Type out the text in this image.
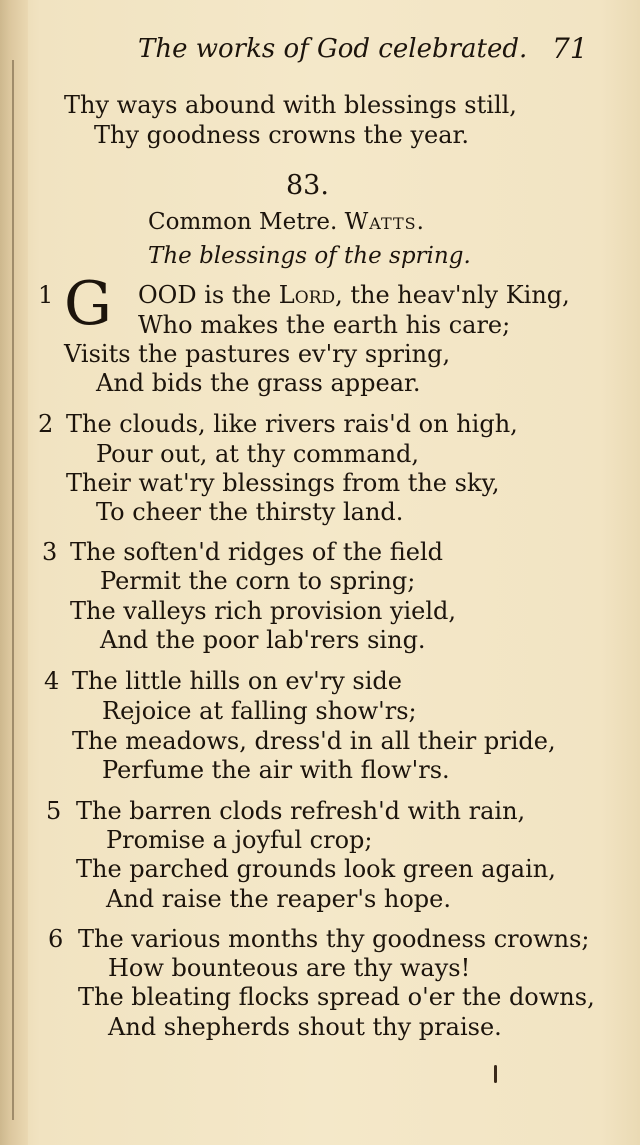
The works of God celebrated. 71
Thy ways abound with blessings still,
Thy goodness crowns the year.
83.
Common Metre. Watts.
The blessings of the spring.
1 G OOD is the Lord, the heav'nly King,
Who makes the earth his care;
Visits the pastures ev'ry spring,
And bids the grass appear.
2 The clouds, like rivers rais'd on high,
Pour out, at thy command,
Their wat'ry blessings from the sky,
To cheer the thirsty land.
3 The soften'd ridges of the field
Permit the corn to spring;
The valleys rich provision yield,
And the poor lab'rers sing.
4 The little hills on ev'ry side
Rejoice at falling show'rs;
The meadows, dress'd in all their pride,
Perfume the air with flow'rs.
5 The barren clods refresh'd with rain,
Promise a joyful crop;
The parched grounds look green again,
And raise the reaper's hope.
6 The various months thy goodness crowns;
How bounteous are thy ways!
The bleating flocks spread o'er the downs,
And shepherds shout thy praise.
